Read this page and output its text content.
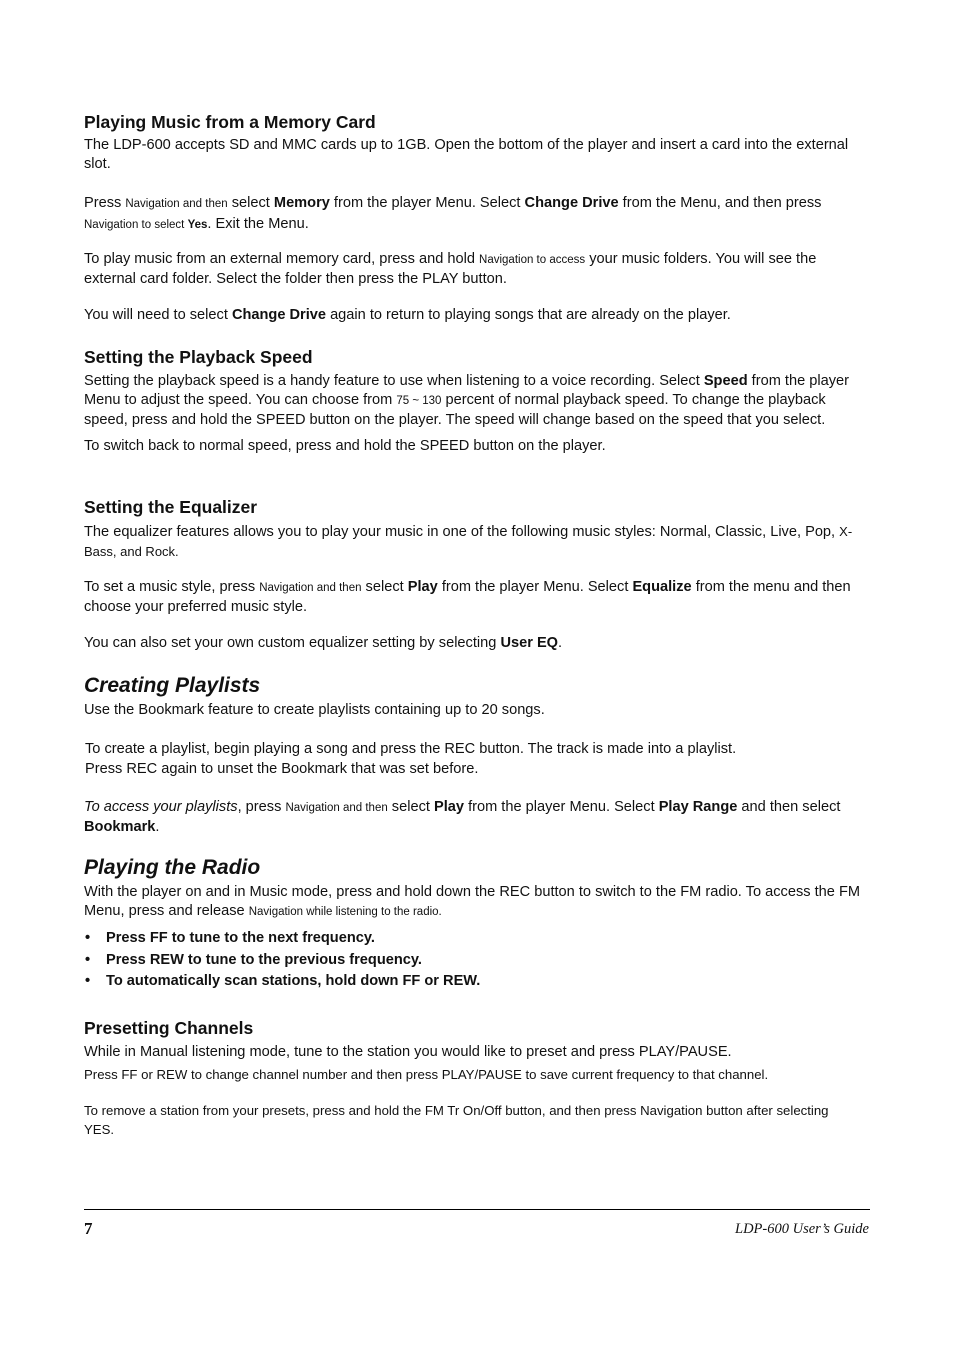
Playing Music from a Memory Card

The LDP-600 accepts SD and MMC cards up to 1GB. Open the bottom of the player and insert a card into the external slot.

Press Navigation and then select Memory from the player Menu. Select Change Drive from the Menu, and then press
Navigation to select Yes. Exit the Menu.

To play music from an external memory card, press and hold Navigation to access your music folders. You will see the external card folder. Select the folder then press the PLAY button.

You will need to select Change Drive again to return to playing songs that are already on the player.

Setting the Playback Speed

Setting the playback speed is a handy feature to use when listening to a voice recording. Select Speed from the player Menu to adjust the speed. You can choose from 75 ~ 130 percent of normal playback speed. To change the playback speed, press and hold the SPEED button on the player. The speed will change based on the speed that you select.

To switch back to normal speed, press and hold the SPEED button on the player.

Setting the Equalizer

The equalizer features allows you to play your music in one of the following music styles: Normal, Classic, Live, Pop, X-Bass, and Rock.

To set a music style, press Navigation and then select Play from the player Menu. Select Equalize from the menu and then choose your preferred music style.

You can also set your own custom equalizer setting by selecting User EQ.

Creating Playlists

Use the Bookmark feature to create playlists containing up to 20 songs.

To create a playlist, begin playing a song and press the REC button. The track is made into a playlist.
Press REC again to unset the Bookmark that was set before.

To access your playlists, press Navigation and then select Play from the player Menu. Select Play Range and then select Bookmark.

Playing the Radio

With the player on and in Music mode, press and hold down the REC button to switch to the FM radio. To access the FM Menu, press and release Navigation while listening to the radio.

• Press FF to tune to the next frequency.
• Press REW to tune to the previous frequency.
• To automatically scan stations, hold down FF or REW.
Presetting Channels

While in Manual listening mode, tune to the station you would like to preset and press PLAY/PAUSE.

Press FF or REW to change channel number and then press PLAY/PAUSE to save current frequency to that channel.

To remove a station from your presets, press and hold the FM Tr On/Off button, and then press Navigation button after selecting YES.

7	LDP-600 User’s Guide
